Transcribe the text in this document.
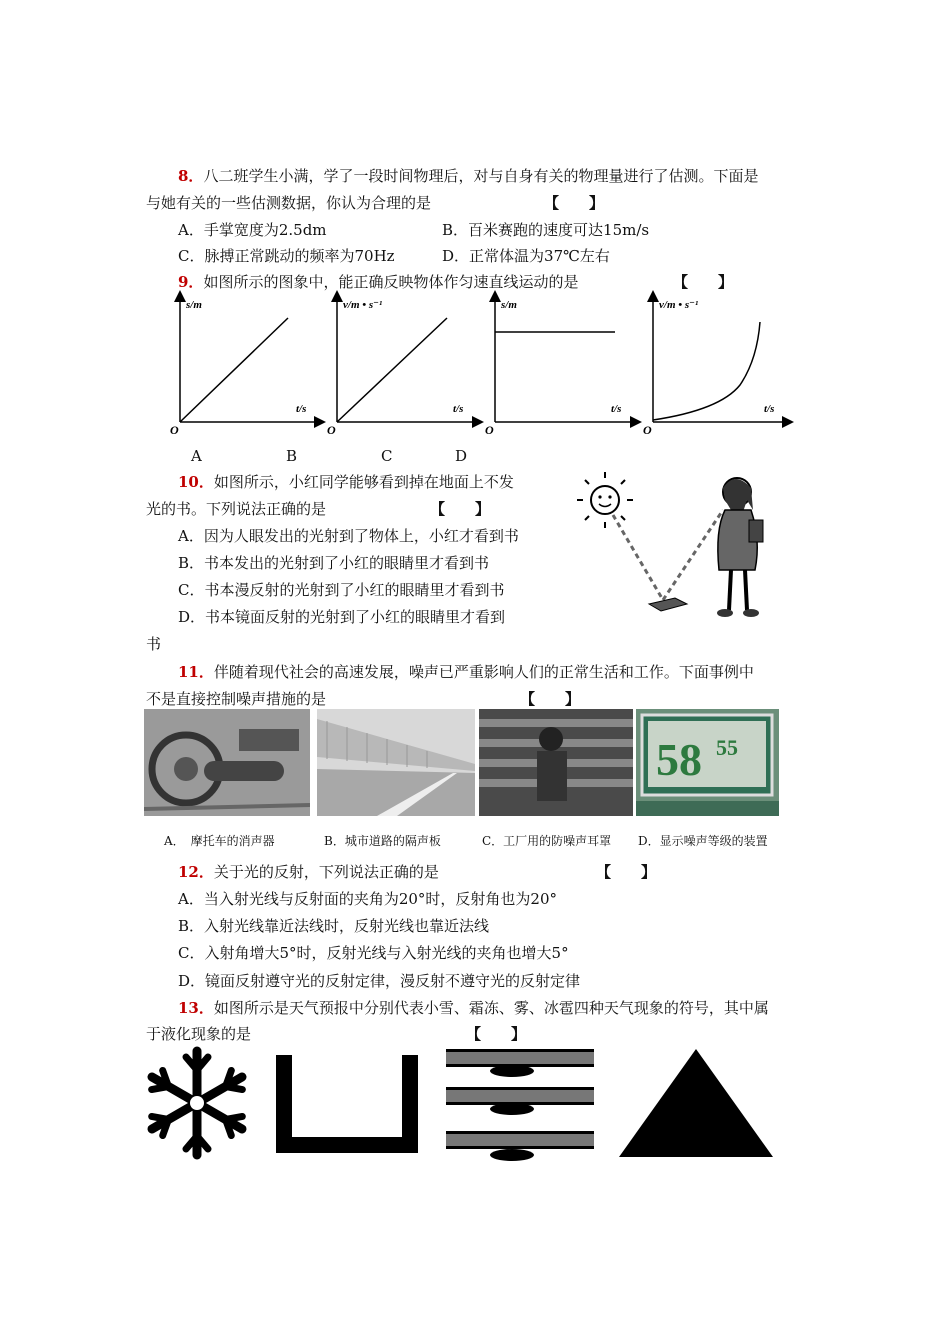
8．八二班学生小满，学了一段时间物理后，对与自身有关的物理量进行了估测。下面是
与她有关的一些估测数据，你认为合理的是	【　　】
A．手掌宽度为2.5dm	B．百米赛跑的速度可达15m/s
C．脉搏正常跳动的频率为70Hz	D．正常体温为37℃左右
9．如图所示的图象中，能正确反映物体作匀速直线运动的是	【　　】
s/m
t/s
O
v/m • s⁻¹
t/s
O
s/m
t/s
O
v/m • s⁻¹
t/s
O
A	B	C	D
10．如图所示，小红同学能够看到掉在地面上不发
光的书。下列说法正确的是	【　　】
A．因为人眼发出的光射到了物体上，小红才看到书
B．书本发出的光射到了小红的眼睛里才看到书
C．书本漫反射的光射到了小红的眼睛里才看到书
D．书本镜面反射的光射到了小红的眼睛里才看到
书
11．伴随着现代社会的高速发展，噪声已严重影响人们的正常生活和工作。下面事例中
不是直接控制噪声措施的是	【　　】
58 55
A．　摩托车的消声器	B．城市道路的隔声板	C．工厂用的防噪声耳罩 D．显示噪声等级的装置
12．关于光的反射，下列说法正确的是	【　　】
A．当入射光线与反射面的夹角为20°时，反射角也为20°
B．入射光线靠近法线时，反射光线也靠近法线
C．入射角增大5°时，反射光线与入射光线的夹角也增大5°
D．镜面反射遵守光的反射定律，漫反射不遵守光的反射定律
13．如图所示是天气预报中分别代表小雪、霜冻、雾、冰雹四种天气现象的符号，其中属
于液化现象的是	【　　】
